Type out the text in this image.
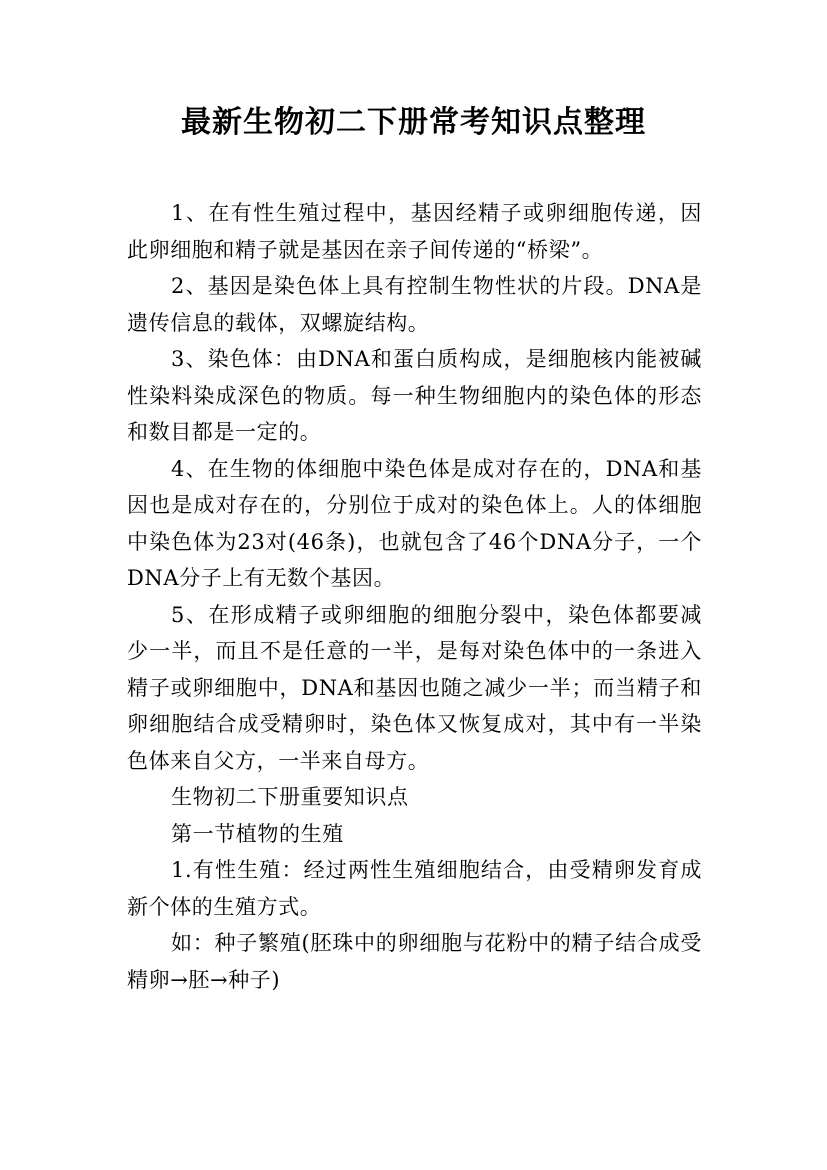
最新生物初二下册常考知识点整理

1、在有性生殖过程中，基因经精子或卵细胞传递，因此卵细胞和精子就是基因在亲子间传递的“桥梁”。

2、基因是染色体上具有控制生物性状的片段。DNA是遗传信息的载体，双螺旋结构。

3、染色体：由DNA和蛋白质构成，是细胞核内能被碱性染料染成深色的物质。每一种生物细胞内的染色体的形态和数目都是一定的。

4、在生物的体细胞中染色体是成对存在的，DNA和基因也是成对存在的，分别位于成对的染色体上。人的体细胞中染色体为23对(46条)，也就包含了46个DNA分子，一个DNA分子上有无数个基因。

5、在形成精子或卵细胞的细胞分裂中，染色体都要减少一半，而且不是任意的一半，是每对染色体中的一条进入精子或卵细胞中，DNA和基因也随之减少一半；而当精子和卵细胞结合成受精卵时，染色体又恢复成对，其中有一半染色体来自父方，一半来自母方。

生物初二下册重要知识点

第一节植物的生殖

1.有性生殖：经过两性生殖细胞结合，由受精卵发育成新个体的生殖方式。

如：种子繁殖(胚珠中的卵细胞与花粉中的精子结合成受精卵→胚→种子)
